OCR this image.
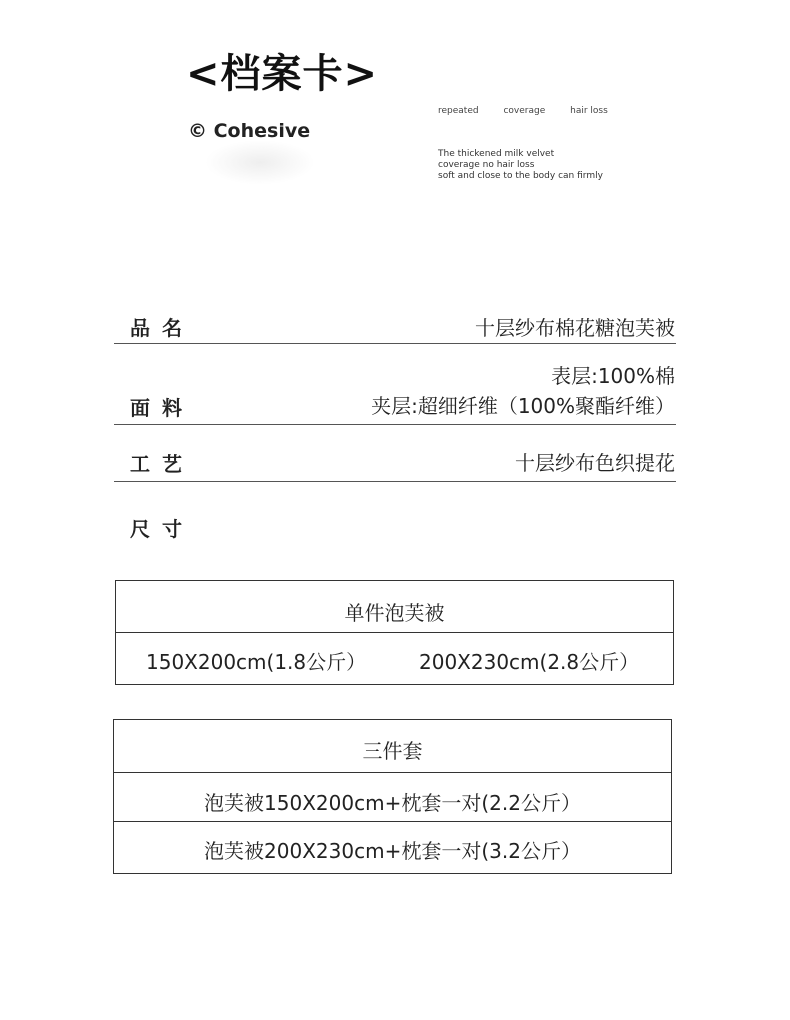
<档案卡>
© Cohesive
repeated	coverage	hair loss
The thickened milk velvet
coverage no hair loss
soft and close to the body can firmly
品名	十层纱布棉花糖泡芙被
表层:100%棉
面料	夹层:超细纤维（100%聚酯纤维）
工艺	十层纱布色织提花
尺寸
单件泡芙被
150X200cm(1.8公斤）	200X230cm(2.8公斤）
三件套
泡芙被150X200cm+枕套一对(2.2公斤）
泡芙被200X230cm+枕套一对(3.2公斤）
